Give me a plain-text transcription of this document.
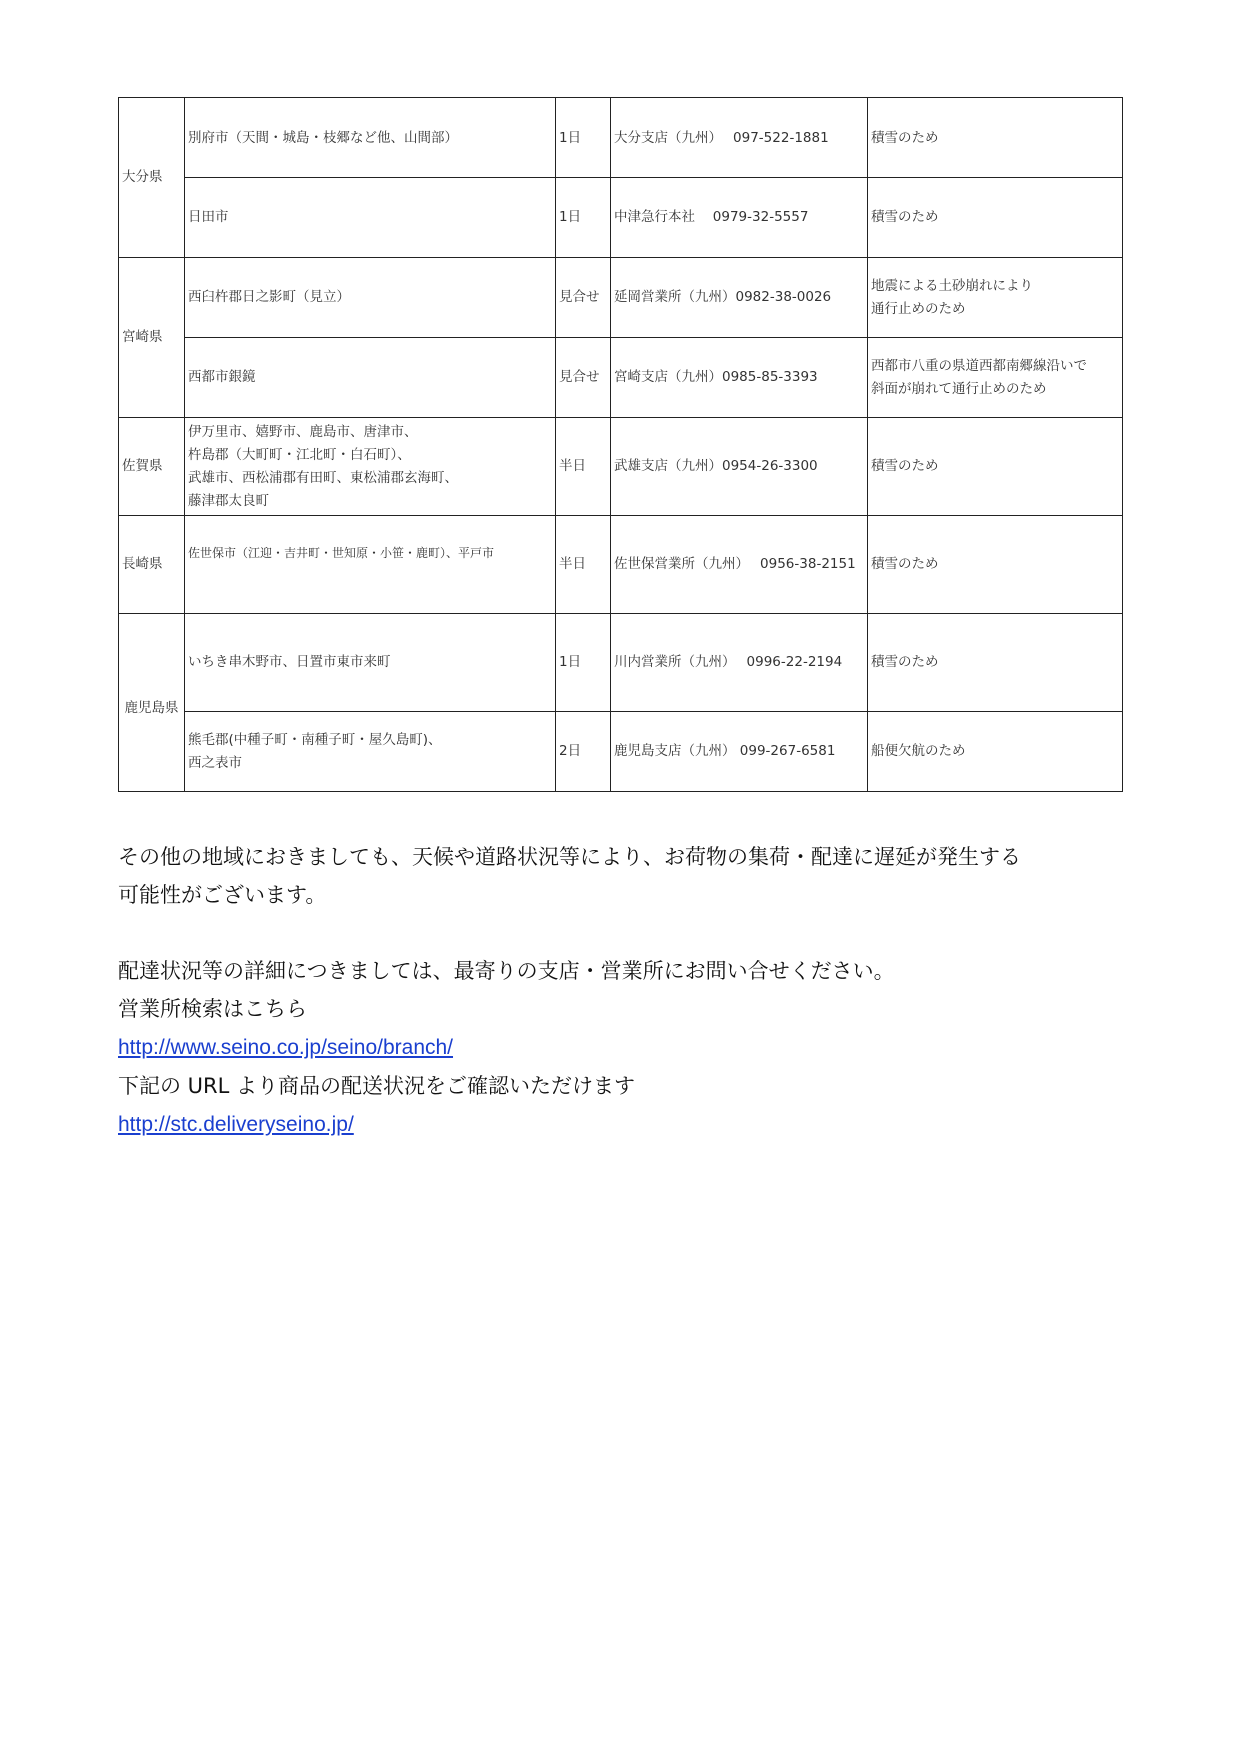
大分県	別府市（天間・城島・枝郷など他、山間部）	1日	大分支店（九州）　 097-522-1881	積雪のため
	日田市	1日	中津急行本社　 0979-32-5557	積雪のため
宮崎県	西臼杵郡日之影町（見立）	見合せ	延岡営業所（九州）0982-38-0026	地震による土砂崩れにより
通行止めのため

	西都市銀鏡	見合せ	宮崎支店（九州）0985-85-3393	西都市八重の県道西都南郷線沿いで
斜面が崩れて通行止めのため

佐賀県	伊万里市、嬉野市、鹿島市、唐津市、
杵島郡（大町町・江北町・白石町）、
武雄市、西松浦郡有田町、東松浦郡玄海町、
藤津郡太良町	半日	武雄支店（九州）0954-26-3300	積雪のため
長崎県	佐世保市（江迎・吉井町・世知原・小笹・鹿町）、平戸市	半日	佐世保営業所（九州）　 0956-38-2151	積雪のため
鹿児島県	いちき串木野市、日置市東市来町	1日	川内営業所（九州）　 0996-22-2194	積雪のため

	熊毛郡(中種子町・南種子町・屋久島町)、
西之表市	2日	鹿児島支店（九州） 099-267-6581	船便欠航のため

その他の地域におきましても、天候や道路状況等により、お荷物の集荷・配達に遅延が発生する

可能性がございます。

配達状況等の詳細につきましては、最寄りの支店・営業所にお問い合せください。

営業所検索はこちら

http://www.seino.co.jp/seino/branch/

下記の URL より商品の配送状況をご確認いただけます

http://stc.deliveryseino.jp/
